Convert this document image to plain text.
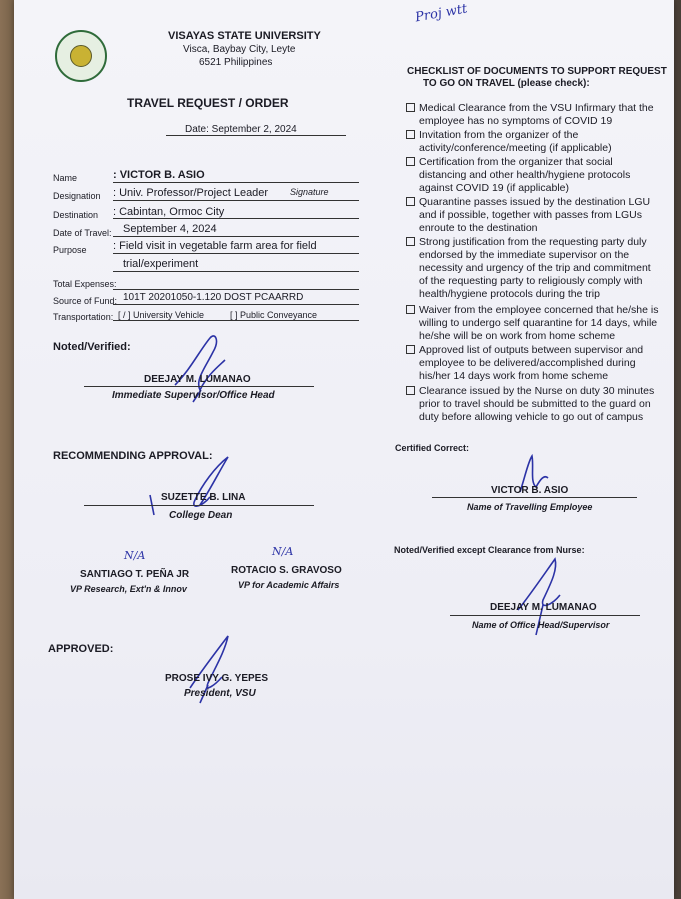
VISAYAS STATE UNIVERSITY
Visca, Baybay City, Leyte
6521 Philippines
Proj wtt
TRAVEL REQUEST / ORDER
Date: September 2, 2024
Name	: VICTOR B. ASIO
Designation : Univ. Professor/Project Leader Signature
Destination : Cabintan, Ormoc City
Date of Travel: September 4, 2024
Purpose : Field visit in vegetable farm area for field
trial/experiment
Total Expenses:
Source of Fund: 101T 20201050-1.120 DOST PCAARRD
Transportation: [ / ] University Vehicle	[ ] Public Conveyance
Noted/Verified:
DEEJAY M. LUMANAO
Immediate Supervisor/Office Head
RECOMMENDING APPROVAL:
SUZETTE B. LINA
College Dean
N/A
SANTIAGO T. PEÑA JR
VP Research, Ext'n & Innov
N/A
ROTACIO S. GRAVOSO
VP for Academic Affairs
APPROVED:
PROSE IVY G. YEPES
President, VSU
CHECKLIST OF DOCUMENTS TO SUPPORT REQUEST
TO GO ON TRAVEL (please check):
Medical Clearance from the VSU Infirmary that the employee has no symptoms of COVID 19
Invitation from the organizer of the activity/conference/meeting (if applicable)
Certification from the organizer that social distancing and other health/hygiene protocols against COVID 19 (if applicable)
Quarantine passes issued by the destination LGU and if possible, together with passes from LGUs enroute to the destination
Strong justification from the requesting party duly endorsed by the immediate supervisor on the necessity and urgency of the trip and commitment of the requesting party to religiously comply with health/hygiene protocols during the trip
Waiver from the employee concerned that he/she is willing to undergo self quarantine for 14 days, while he/she will be on work from home scheme
Approved list of outputs between supervisor and employee to be delivered/accomplished during his/her 14 days work from home scheme
Clearance issued by the Nurse on duty 30 minutes prior to travel should be submitted to the guard on duty before allowing vehicle to go out of campus
Certified Correct:
VICTOR B. ASIO
Name of Travelling Employee
Noted/Verified except Clearance from Nurse:
DEEJAY M. LUMANAO
Name of Office Head/Supervisor
